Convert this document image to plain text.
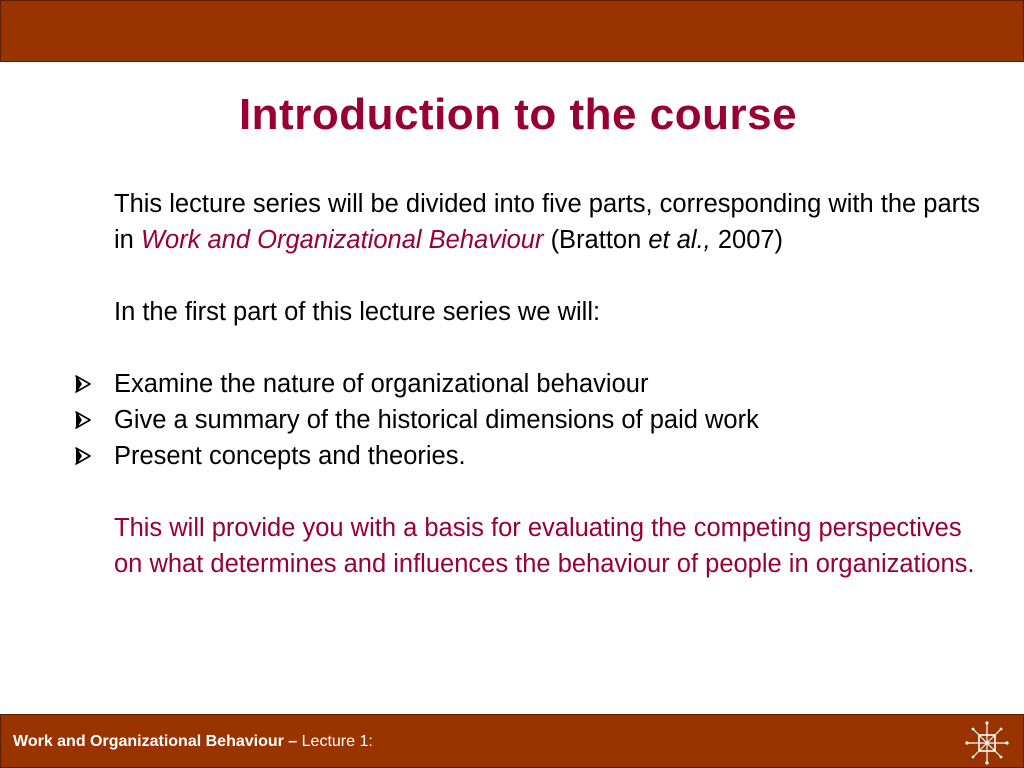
Introduction to the course

This lecture series will be divided into five parts, corresponding with the parts in Work and Organizational Behaviour (Bratton et al., 2007)

In the first part of this lecture series we will:

Examine the nature of organizational behaviour
Give a summary of the historical dimensions of paid work
Present concepts and theories.

This will provide you with a basis for evaluating the competing perspectives on what determines and influences the behaviour of people in organizations.

Work and Organizational Behaviour – Lecture 1:
